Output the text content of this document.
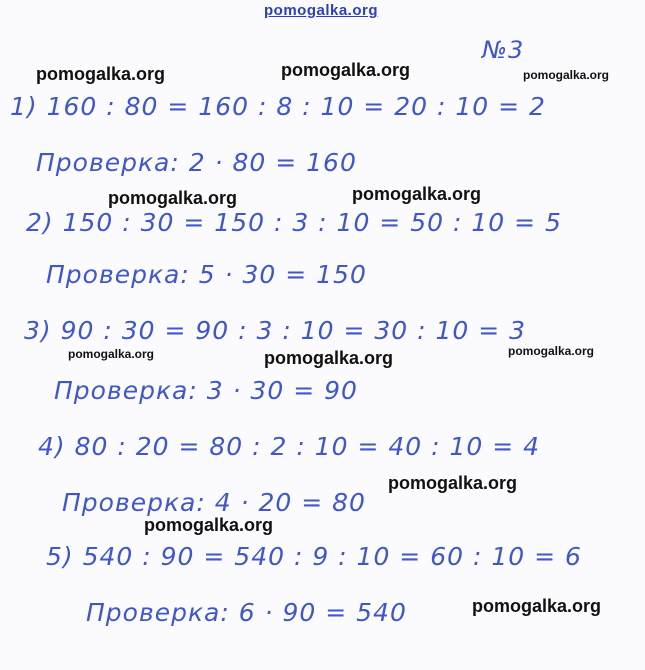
pomogalka.org
№3
pomogalka.org	pomogalka.org	pomogalka.org
pomogalka.org	pomogalka.org
pomogalka.org	pomogalka.org	pomogalka.org
pomogalka.org
pomogalka.org
pomogalka.org
1) 160 : 80 = 160 : 8 : 10 = 20 : 10 = 2
Проверка: 2 · 80 = 160
2) 150 : 30 = 150 : 3 : 10 = 50 : 10 = 5
Проверка: 5 · 30 = 150
3) 90 : 30 = 90 : 3 : 10 = 30 : 10 = 3
Проверка: 3 · 30 = 90
4) 80 : 20 = 80 : 2 : 10 = 40 : 10 = 4
Проверка: 4 · 20 = 80
5) 540 : 90 = 540 : 9 : 10 = 60 : 10 = 6
Проверка: 6 · 90 = 540
